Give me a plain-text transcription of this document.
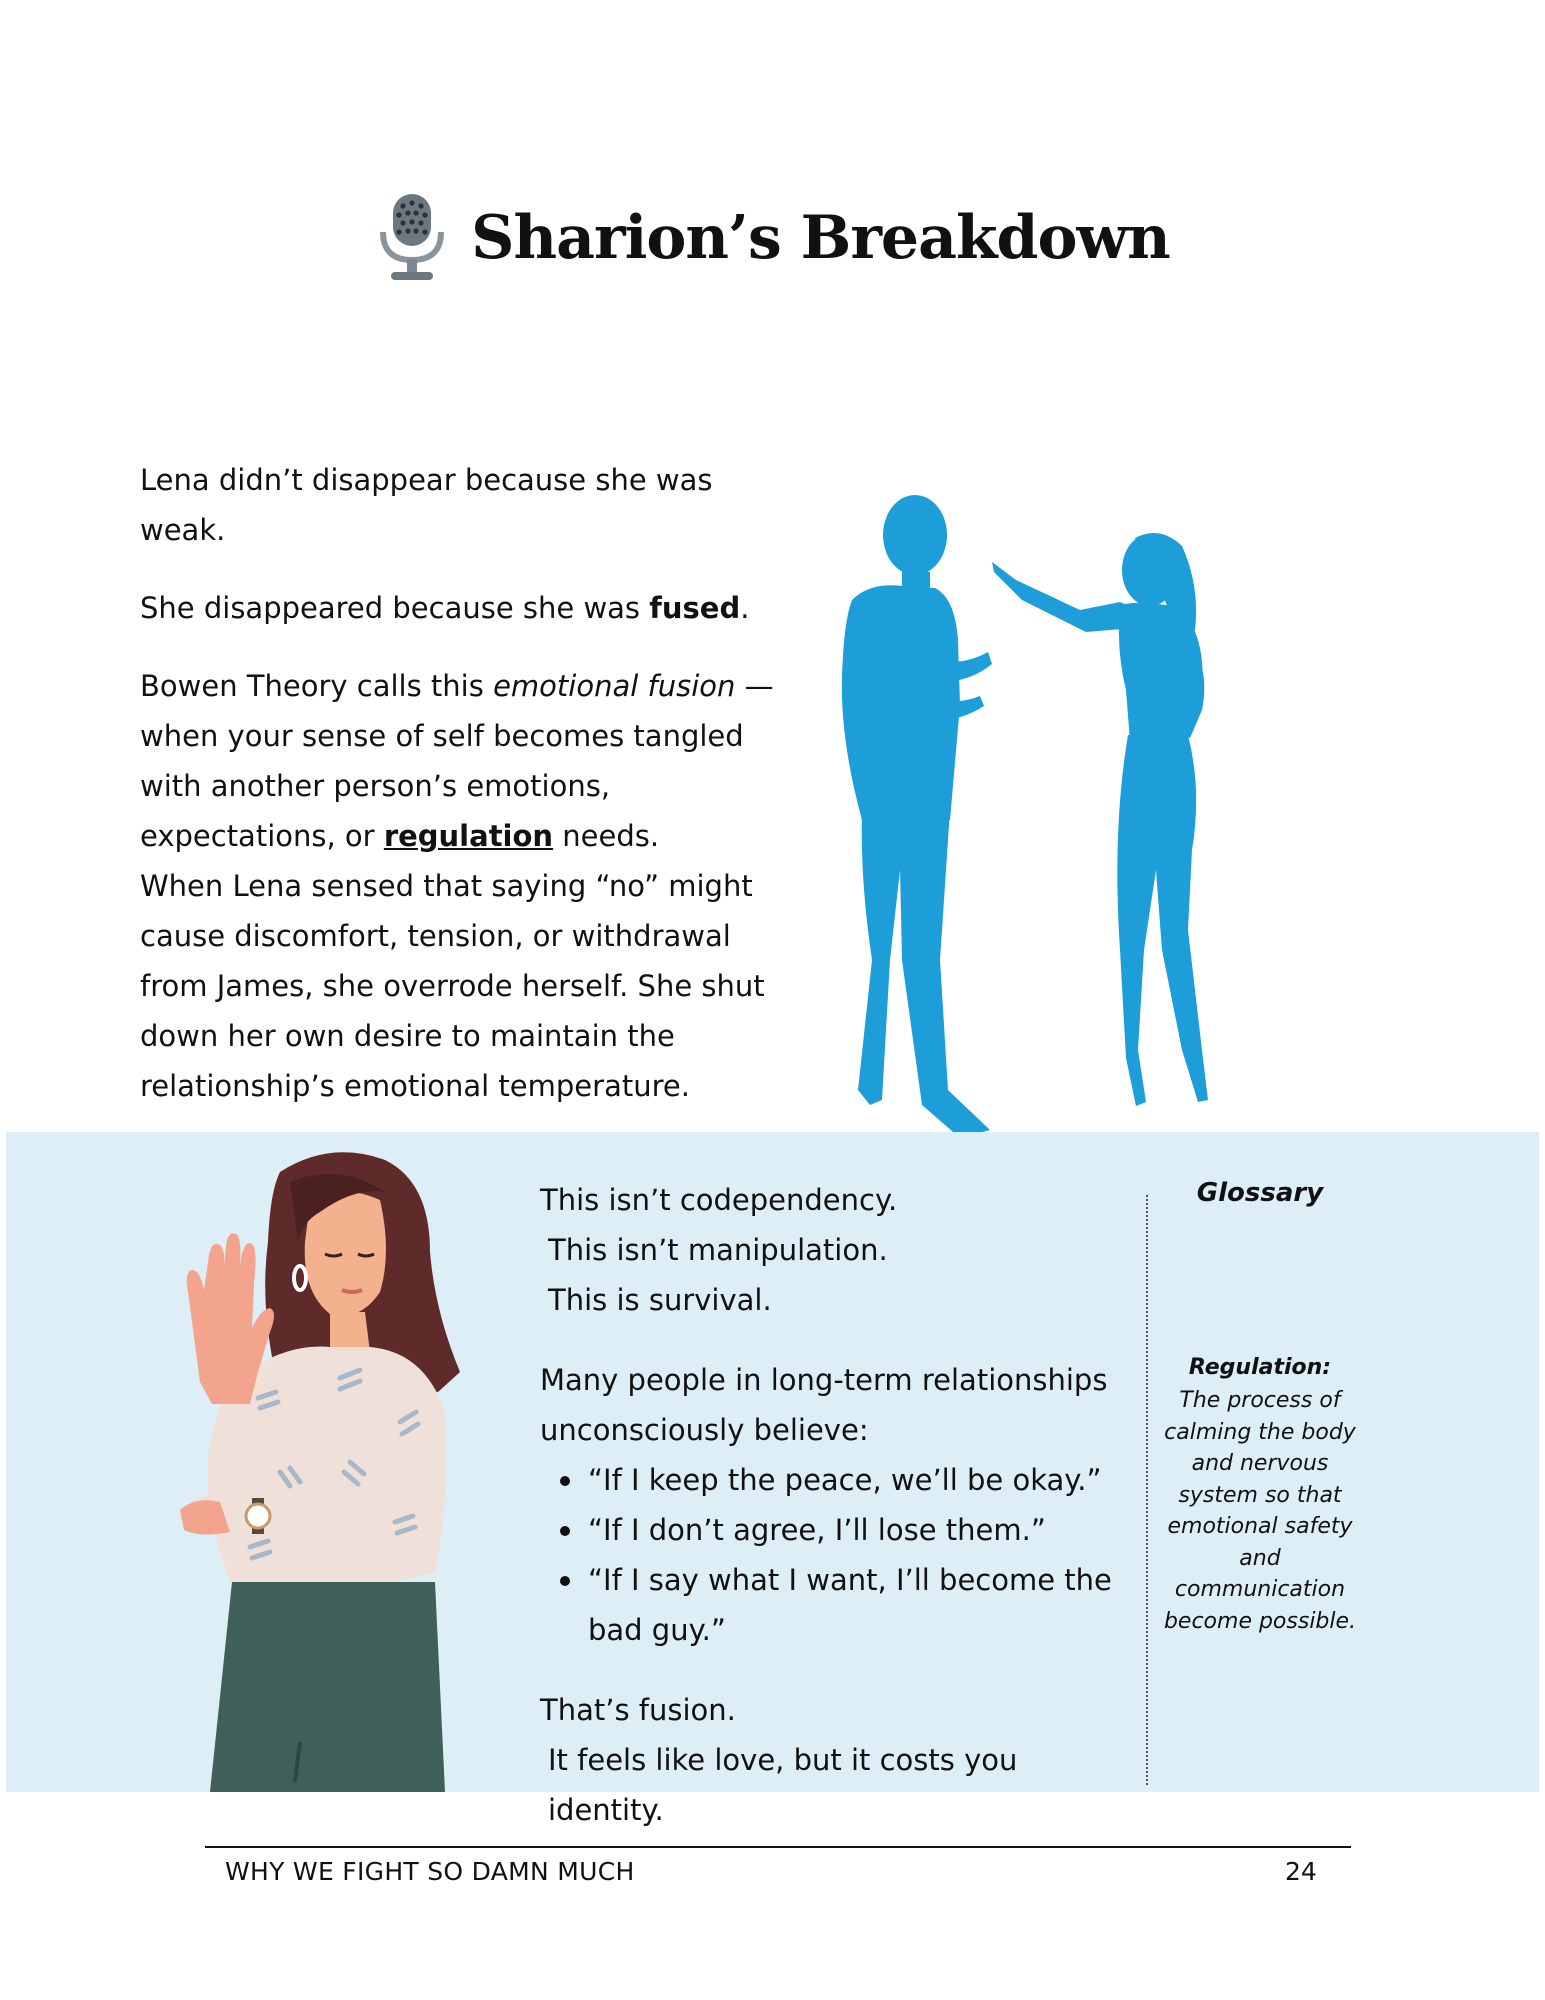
Sharion’s Breakdown

Lena didn’t disappear because she was weak.

She disappeared because she was fused.

Bowen Theory calls this emotional fusion — when your sense of self becomes tangled with another person’s emotions, expectations, or regulation needs.

When Lena sensed that saying “no” might cause discomfort, tension, or withdrawal from James, she overrode herself. She shut down her own desire to maintain the relationship’s emotional temperature.

This isn’t codependency.

This isn’t manipulation.

This is survival.

Many people in long-term relationships unconsciously believe:

“If I keep the peace, we’ll be okay.”
“If I don’t agree, I’ll lose them.”
“If I say what I want, I’ll become the bad guy.”

That’s fusion.

It feels like love, but it costs you identity.

Glossary
Regulation:
The process of calming the body and nervous system so that emotional safety and communication become possible.
WHY WE FIGHT SO DAMN MUCH	24
